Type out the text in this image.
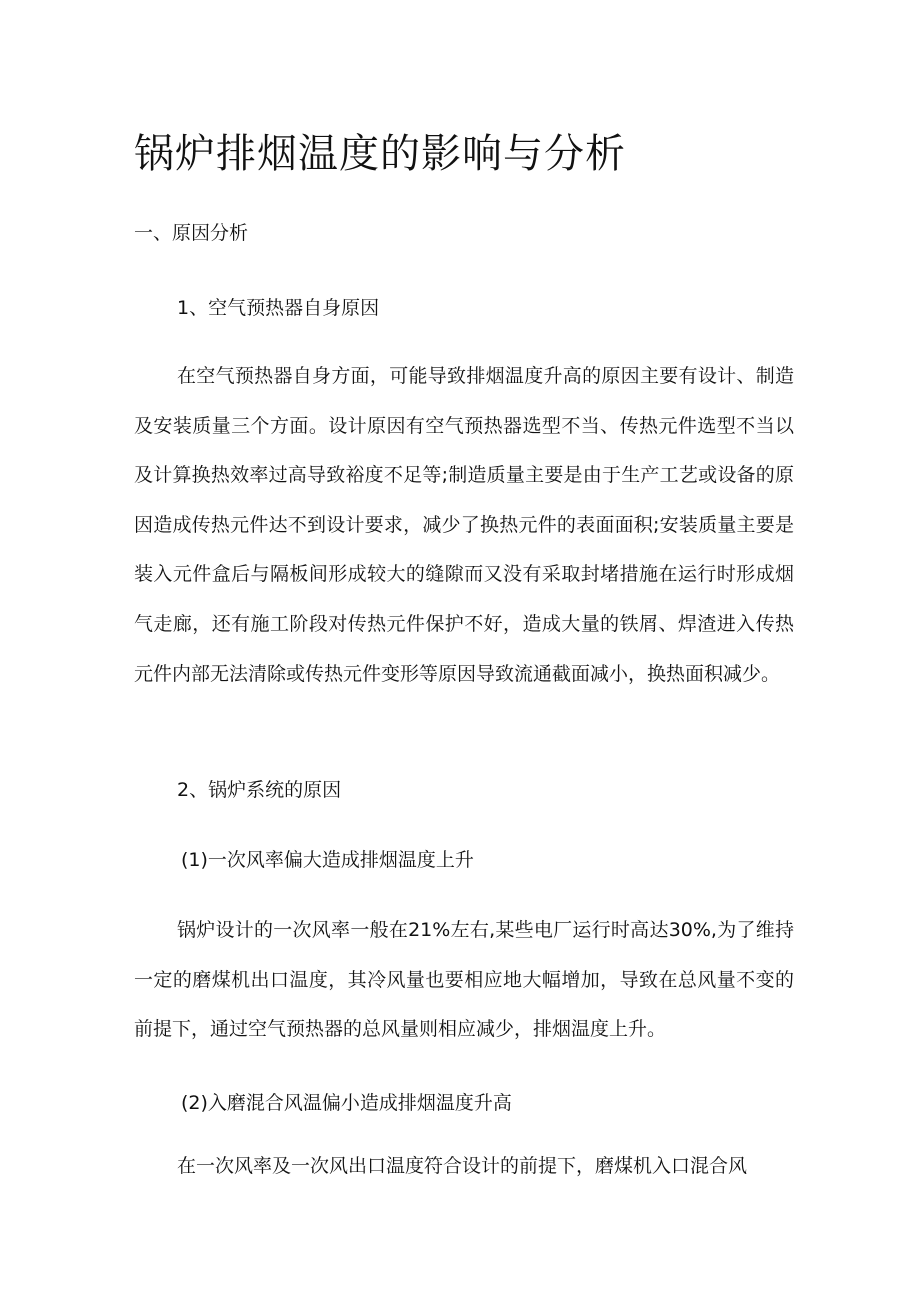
锅炉排烟温度的影响与分析
一、原因分析
1、空气预热器自身原因

在空气预热器自身方面，可能导致排烟温度升高的原因主要有设计、制造及安装质量三个方面。设计原因有空气预热器选型不当、传热元件选型不当以及计算换热效率过高导致裕度不足等;制造质量主要是由于生产工艺或设备的原因造成传热元件达不到设计要求，减少了换热元件的表面面积;安装质量主要是装入元件盒后与隔板间形成较大的缝隙而又没有采取封堵措施在运行时形成烟气走廊，还有施工阶段对传热元件保护不好，造成大量的铁屑、焊渣进入传热元件内部无法清除或传热元件变形等原因导致流通截面减小，换热面积减少。

2、锅炉系统的原因
(1)一次风率偏大造成排烟温度上升

锅炉设计的一次风率一般在21%左右,某些电厂运行时高达30%,为了维持一定的磨煤机出口温度，其冷风量也要相应地大幅增加，导致在总风量不变的前提下，通过空气预热器的总风量则相应减少，排烟温度上升。

(2)入磨混合风温偏小造成排烟温度升高

在一次风率及一次风出口温度符合设计的前提下，磨煤机入口混合风
